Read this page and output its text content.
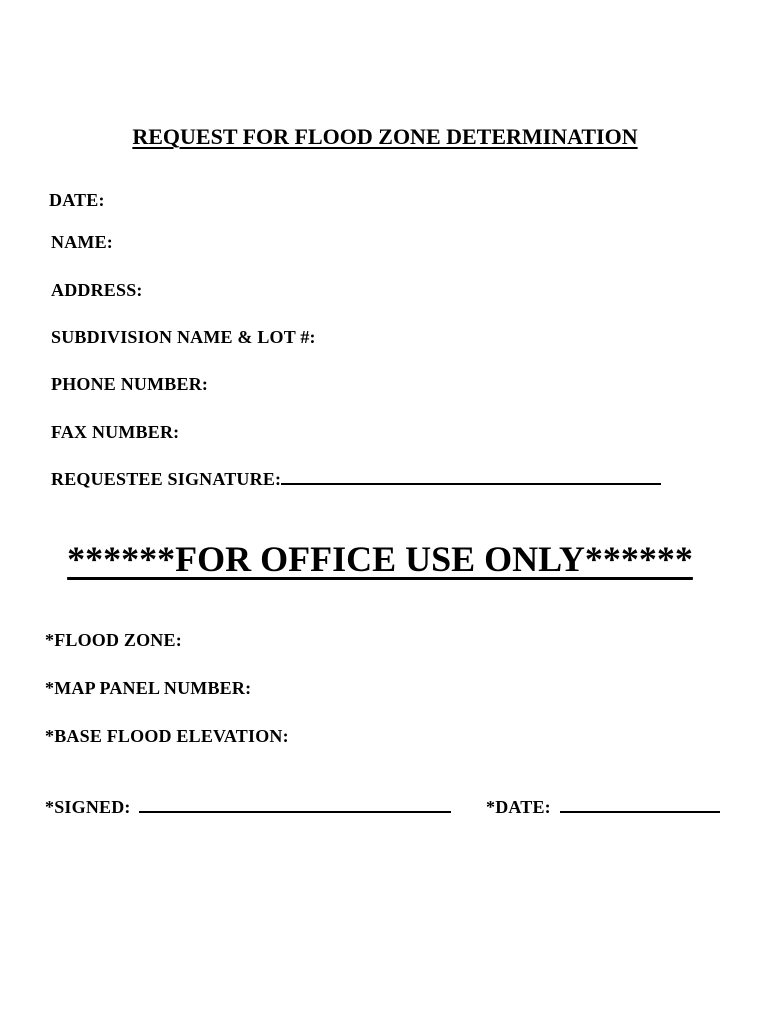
REQUEST FOR FLOOD ZONE DETERMINATION
DATE:
NAME:
ADDRESS:
SUBDIVISION NAME & LOT #:
PHONE NUMBER:
FAX NUMBER:
REQUESTEE SIGNATURE:
******FOR OFFICE USE ONLY******
*FLOOD ZONE:
*MAP PANEL NUMBER:
*BASE FLOOD ELEVATION:
*SIGNED:	*DATE:
